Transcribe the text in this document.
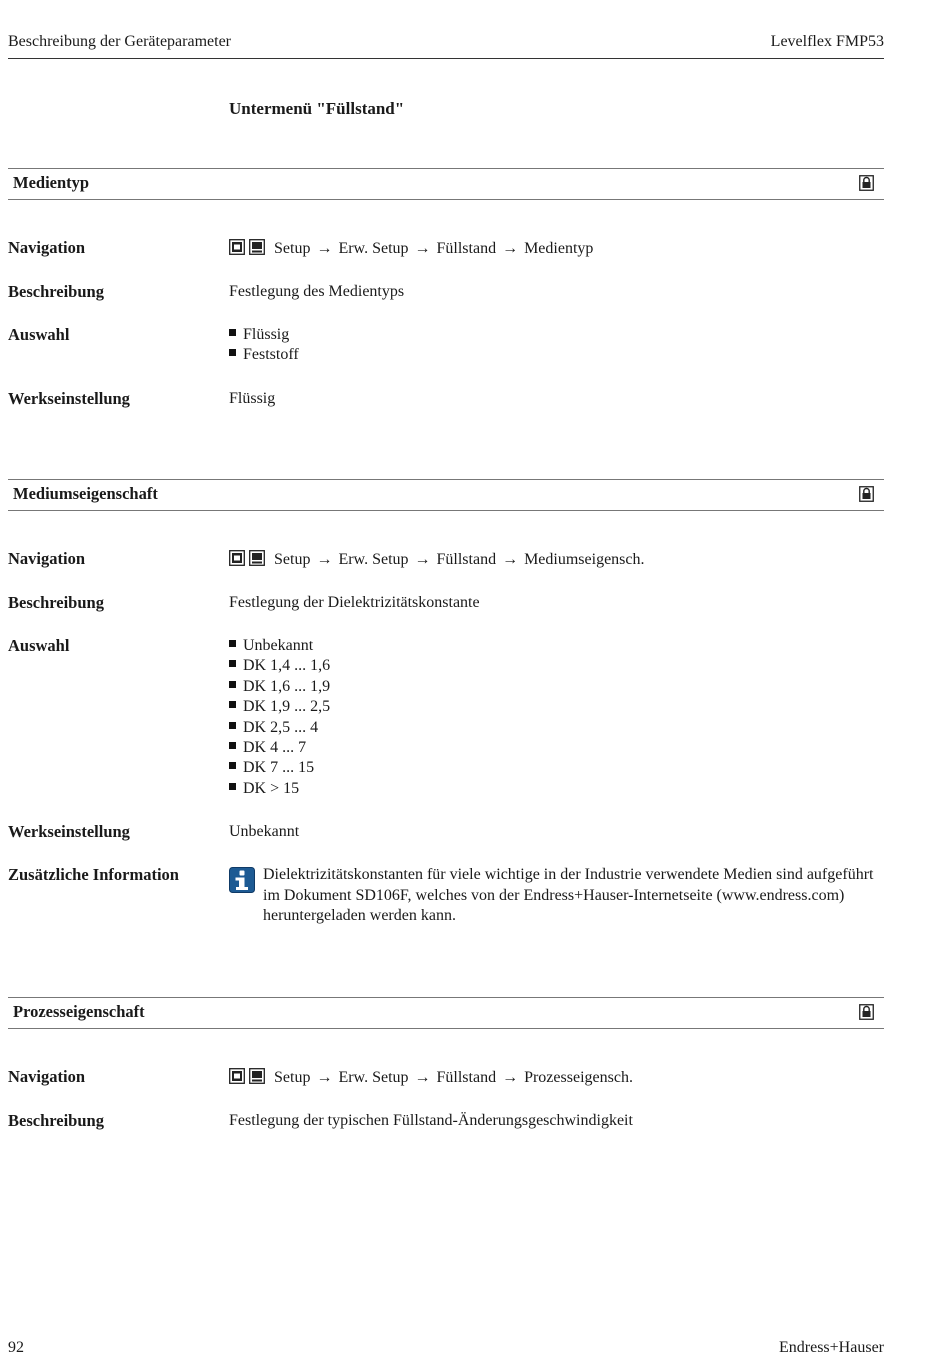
Beschreibung der Geräteparameter	Levelflex FMP53
Untermenü "Füllstand"
Medientyp
Navigation	Setup → Erw. Setup → Füllstand → Medientyp
Beschreibung	Festlegung des Medientyps
Auswahl	Flüssig
Feststoff
Werkseinstellung	Flüssig
Mediumseigenschaft
Navigation	Setup → Erw. Setup → Füllstand → Mediumseigensch.
Beschreibung	Festlegung der Dielektrizitätskonstante
Auswahl	Unbekannt
DK 1,4 ... 1,6
DK 1,6 ... 1,9
DK 1,9 ... 2,5
DK 2,5 ... 4
DK 4 ... 7
DK 7 ... 15
DK > 15
Werkseinstellung	Unbekannt
Zusätzliche Information	Dielektrizitätskonstanten für viele wichtige in der Industrie verwendete Medien sind aufgeführt im Dokument SD106F, welches von der Endress+Hauser-Internetseite (www.endress.com) heruntergeladen werden kann.
Prozesseigenschaft
Navigation	Setup → Erw. Setup → Füllstand → Prozesseigensch.
Beschreibung	Festlegung der typischen Füllstand-Änderungsgeschwindigkeit
92	Endress+Hauser
